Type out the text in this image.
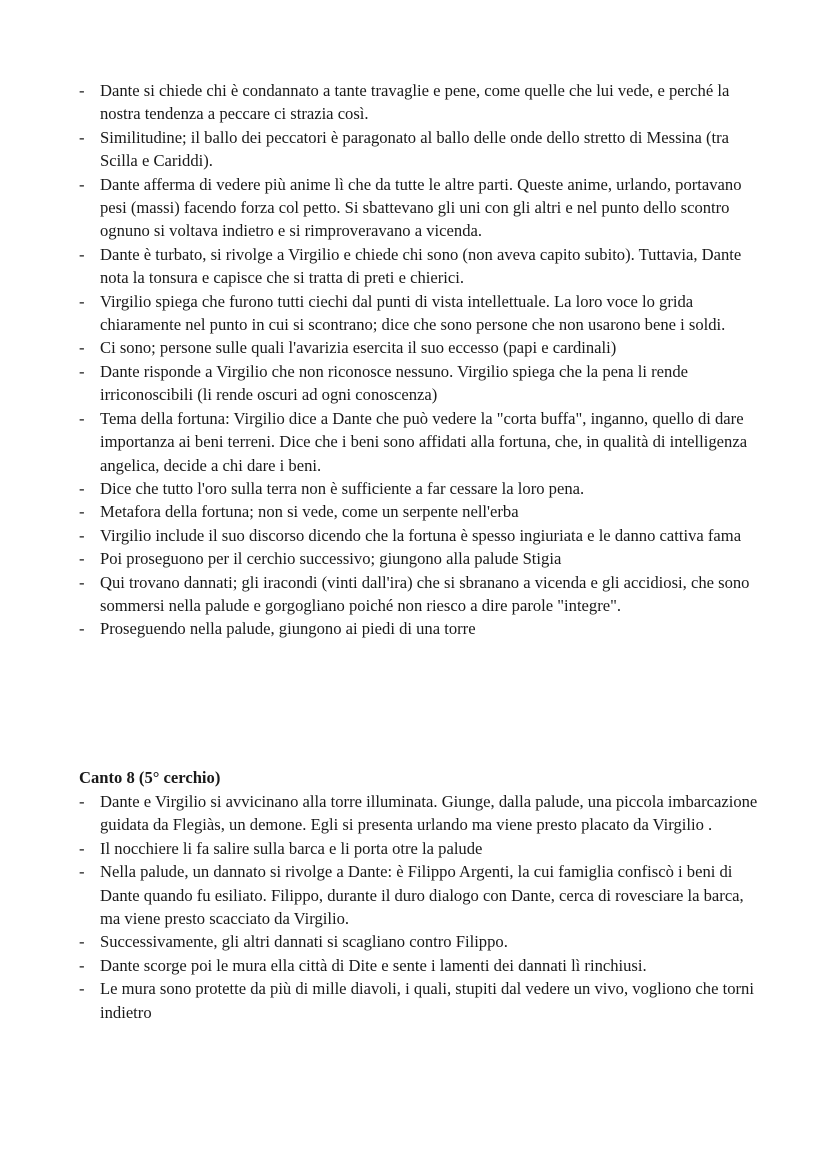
- Dante si chiede chi è condannato a tante travaglie e pene, come quelle che lui vede, e perché la nostra tendenza a peccare ci strazia così.
- Similitudine; il ballo dei peccatori è paragonato al ballo delle onde dello stretto di Messina (tra Scilla e Cariddi).
- Dante afferma di vedere più anime lì che da tutte le altre parti. Queste anime, urlando, portavano pesi (massi) facendo forza col petto. Si sbattevano gli uni con gli altri e nel punto dello scontro ognuno si voltava indietro e si rimproveravano a vicenda.
- Dante è turbato, si rivolge a Virgilio e chiede chi sono (non aveva capito subito). Tuttavia, Dante nota la tonsura e capisce che si tratta di preti e chierici.
- Virgilio spiega che furono tutti ciechi dal punti di vista intellettuale. La loro voce lo grida chiaramente nel punto in cui si scontrano; dice che sono persone che non usarono bene i soldi.
- Ci sono; persone sulle quali l'avarizia esercita il suo eccesso (papi e cardinali)
- Dante risponde a Virgilio che non riconosce nessuno. Virgilio spiega che la pena li rende irriconoscibili (li rende oscuri ad ogni conoscenza)
- Tema della fortuna: Virgilio dice a Dante che può vedere la "corta buffa", inganno, quello di dare importanza ai beni terreni. Dice che i beni sono affidati alla fortuna, che, in qualità di intelligenza angelica, decide a chi dare i beni.
- Dice che tutto l'oro sulla terra non è sufficiente a far cessare la loro pena.
- Metafora della fortuna; non si vede, come un serpente nell'erba
- Virgilio include il suo discorso dicendo che la fortuna è spesso ingiuriata e le danno cattiva fama
- Poi proseguono per il cerchio successivo; giungono alla palude Stigia
- Qui trovano dannati; gli iracondi (vinti dall'ira) che si sbranano a vicenda e gli accidiosi, che sono sommersi nella palude e gorgogliano poiché non riesco a dire parole "integre".
- Proseguendo nella palude, giungono ai piedi di una torre
Canto 8 (5° cerchio)
- Dante e Virgilio si avvicinano alla torre illuminata. Giunge, dalla palude, una piccola imbarcazione guidata da Flegiàs, un demone. Egli si presenta urlando ma viene presto placato da Virgilio .
- Il nocchiere li fa salire sulla barca e li porta otre la palude
- Nella palude, un dannato si rivolge a Dante: è Filippo Argenti, la cui famiglia confiscò i beni di Dante quando fu esiliato. Filippo, durante il duro dialogo con Dante, cerca di rovesciare la barca, ma viene presto scacciato da Virgilio.
- Successivamente, gli altri dannati si scagliano contro Filippo.
- Dante scorge poi le mura ella città di Dite e sente i lamenti dei dannati lì rinchiusi.
- Le mura sono protette da più di mille diavoli, i quali, stupiti dal vedere un vivo, vogliono che torni indietro
